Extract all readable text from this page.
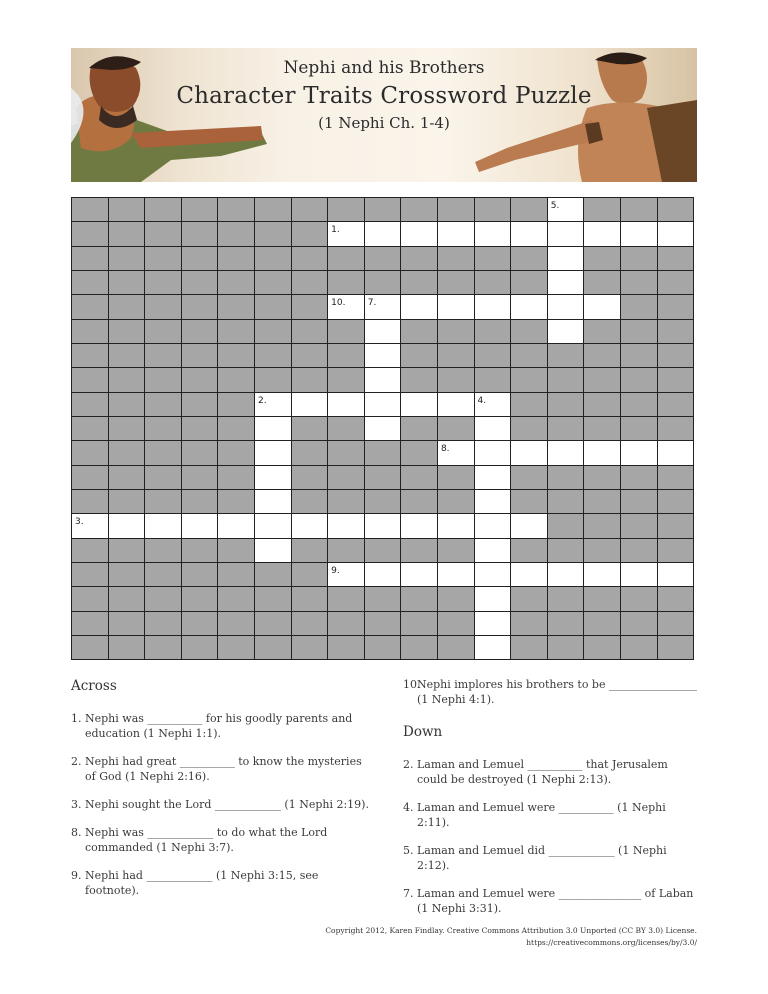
Nephi and his Brothers
Character Traits Crossword Puzzle
(1 Nephi Ch. 1-4)
5.
1.
10. 7.
2.	4.
8.
3.
9.
Across
1. Nephi was __________ for his goodly parents and education (1 Nephi 1:1).
2. Nephi had great __________ to know the mysteries of God (1 Nephi 2:16).
3. Nephi sought the Lord ____________ (1 Nephi 2:19).
8. Nephi was ____________ to do what the Lord commanded (1 Nephi 3:7).
9. Nephi had ____________ (1 Nephi 3:15, see footnote).
10.
Nephi implores his brothers to be ________________ (1 Nephi 4:1).
Down
2. Laman and Lemuel __________ that Jerusalem could be destroyed (1 Nephi 2:13).
4. Laman and Lemuel were __________ (1 Nephi 2:11).
5. Laman and Lemuel did ____________ (1 Nephi 2:12).
7. Laman and Lemuel were _______________ of Laban (1 Nephi 3:31).
Copyright 2012, Karen Findlay. Creative Commons Attribution 3.0 Unported (CC BY 3.0) License.
https://creativecommons.org/licenses/by/3.0/
